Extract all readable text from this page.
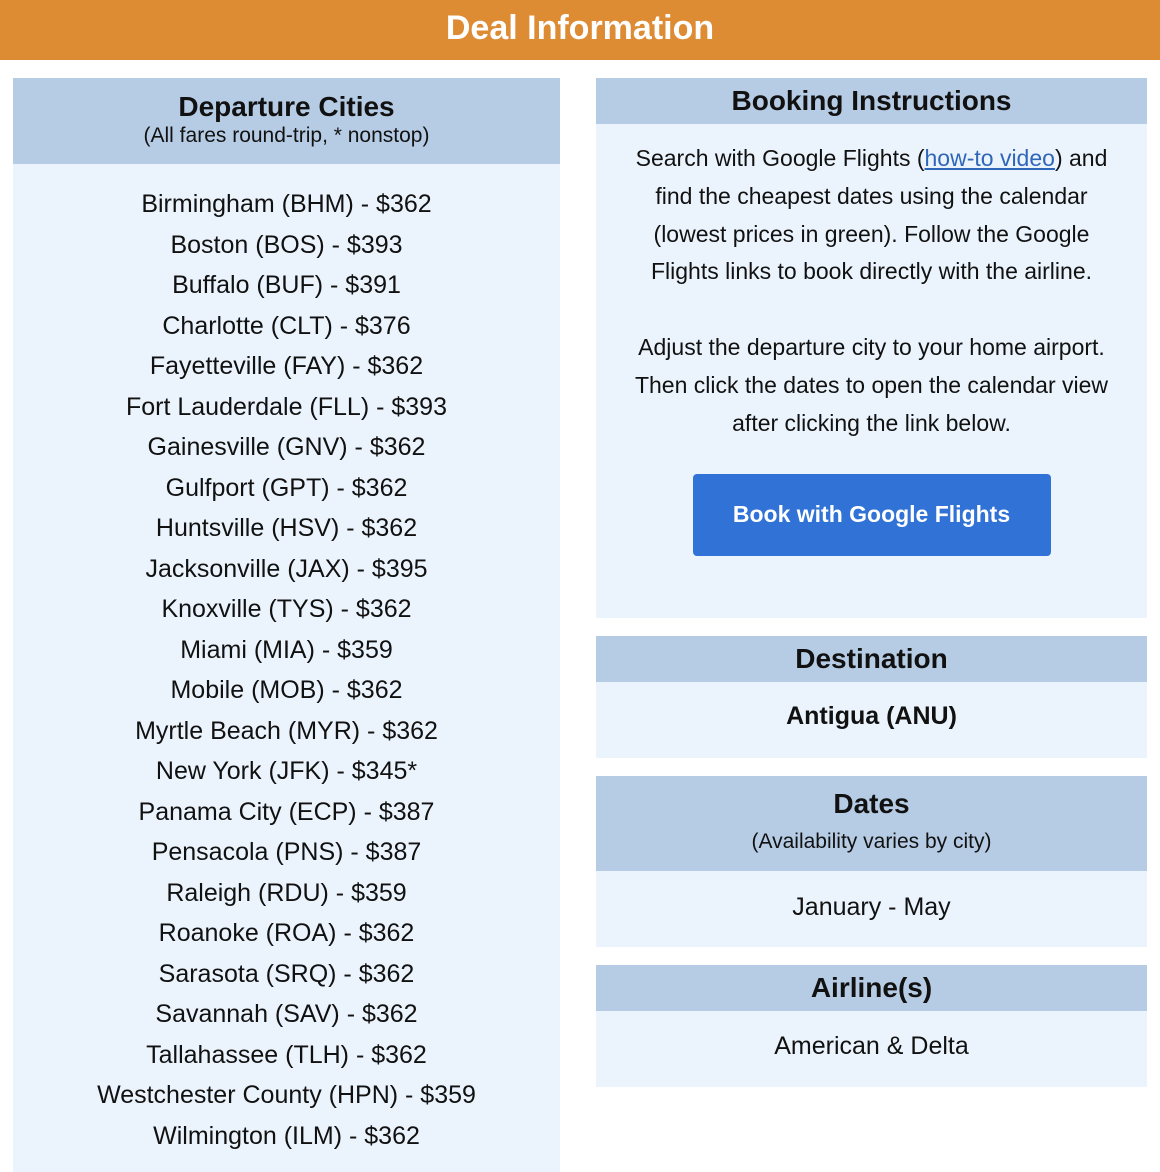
Deal Information
Departure Cities
(All fares round-trip, * nonstop)
Birmingham (BHM) - $362
Boston (BOS) - $393
Buffalo (BUF) - $391
Charlotte (CLT) - $376
Fayetteville (FAY) - $362
Fort Lauderdale (FLL) - $393
Gainesville (GNV) - $362
Gulfport (GPT) - $362
Huntsville (HSV) - $362
Jacksonville (JAX) - $395
Knoxville (TYS) - $362
Miami (MIA) - $359
Mobile (MOB) - $362
Myrtle Beach (MYR) - $362
New York (JFK) - $345*
Panama City (ECP) - $387
Pensacola (PNS) - $387
Raleigh (RDU) - $359
Roanoke (ROA) - $362
Sarasota (SRQ) - $362
Savannah (SAV) - $362
Tallahassee (TLH) - $362
Westchester County (HPN) - $359
Wilmington (ILM) - $362
Booking Instructions

Search with Google Flights (how-to video) and find the cheapest dates using the calendar (lowest prices in green). Follow the Google Flights links to book directly with the airline.

Adjust the departure city to your home airport. Then click the dates to open the calendar view after clicking the link below.

Book with Google Flights
Destination
Antigua (ANU)
Dates
(Availability varies by city)
January - May
Airline(s)
American & Delta
